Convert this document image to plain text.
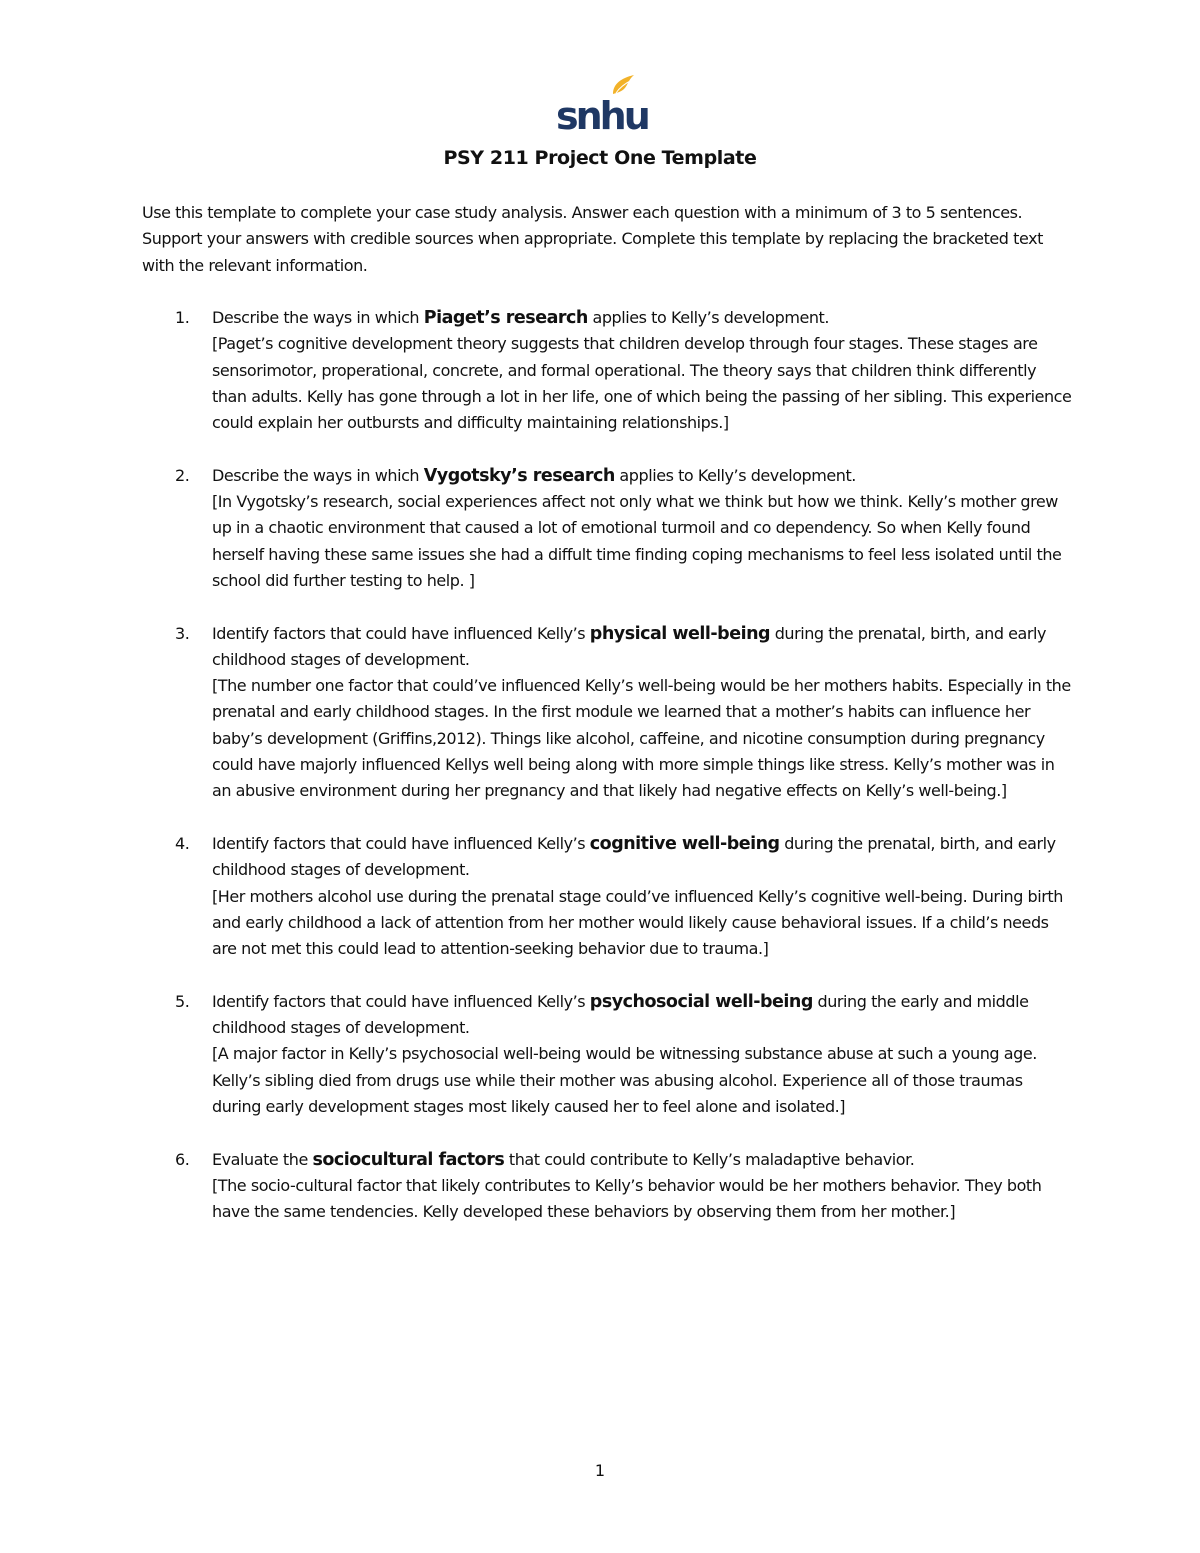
snhu
PSY 211 Project One Template
Use this template to complete your case study analysis. Answer each question with a minimum of 3 to 5 sentences. Support your answers with credible sources when appropriate. Complete this template by replacing the bracketed text with the relevant information.
1. Describe the ways in which Piaget’s research applies to Kelly’s development.
[Paget’s cognitive development theory suggests that children develop through four stages. These stages are sensorimotor, properational, concrete, and formal operational. The theory says that children think differently than adults. Kelly has gone through a lot in her life, one of which being the passing of her sibling. This experience could explain her outbursts and difficulty maintaining relationships.]
2. Describe the ways in which Vygotsky’s research applies to Kelly’s development.
[In Vygotsky’s research, social experiences affect not only what we think but how we think. Kelly’s mother grew up in a chaotic environment that caused a lot of emotional turmoil and co dependency. So when Kelly found herself having these same issues she had a diffult time finding coping mechanisms to feel less isolated until the school did further testing to help. ]
3. Identify factors that could have influenced Kelly’s physical well-being during the prenatal, birth, and early childhood stages of development.
[The number one factor that could’ve influenced Kelly’s well-being would be her mothers habits. Especially in the prenatal and early childhood stages. In the first module we learned that a mother’s habits can influence her baby’s development (Griffins,2012). Things like alcohol, caffeine, and nicotine consumption during pregnancy could have majorly influenced Kellys well being along with more simple things like stress. Kelly’s mother was in an abusive environment during her pregnancy and that likely had negative effects on Kelly’s well-being.]
4. Identify factors that could have influenced Kelly’s cognitive well-being during the prenatal, birth, and early childhood stages of development.
[Her mothers alcohol use during the prenatal stage could’ve influenced Kelly’s cognitive well-being. During birth and early childhood a lack of attention from her mother would likely cause behavioral issues. If a child’s needs are not met this could lead to attention-seeking behavior due to trauma.]
5. Identify factors that could have influenced Kelly’s psychosocial well-being during the early and middle childhood stages of development.
[A major factor in Kelly’s psychosocial well-being would be witnessing substance abuse at such a young age. Kelly’s sibling died from drugs use while their mother was abusing alcohol. Experience all of those traumas during early development stages most likely caused her to feel alone and isolated.]
6. Evaluate the sociocultural factors that could contribute to Kelly’s maladaptive behavior.
[The socio-cultural factor that likely contributes to Kelly’s behavior would be her mothers behavior. They both have the same tendencies. Kelly developed these behaviors by observing them from her mother.]
1
